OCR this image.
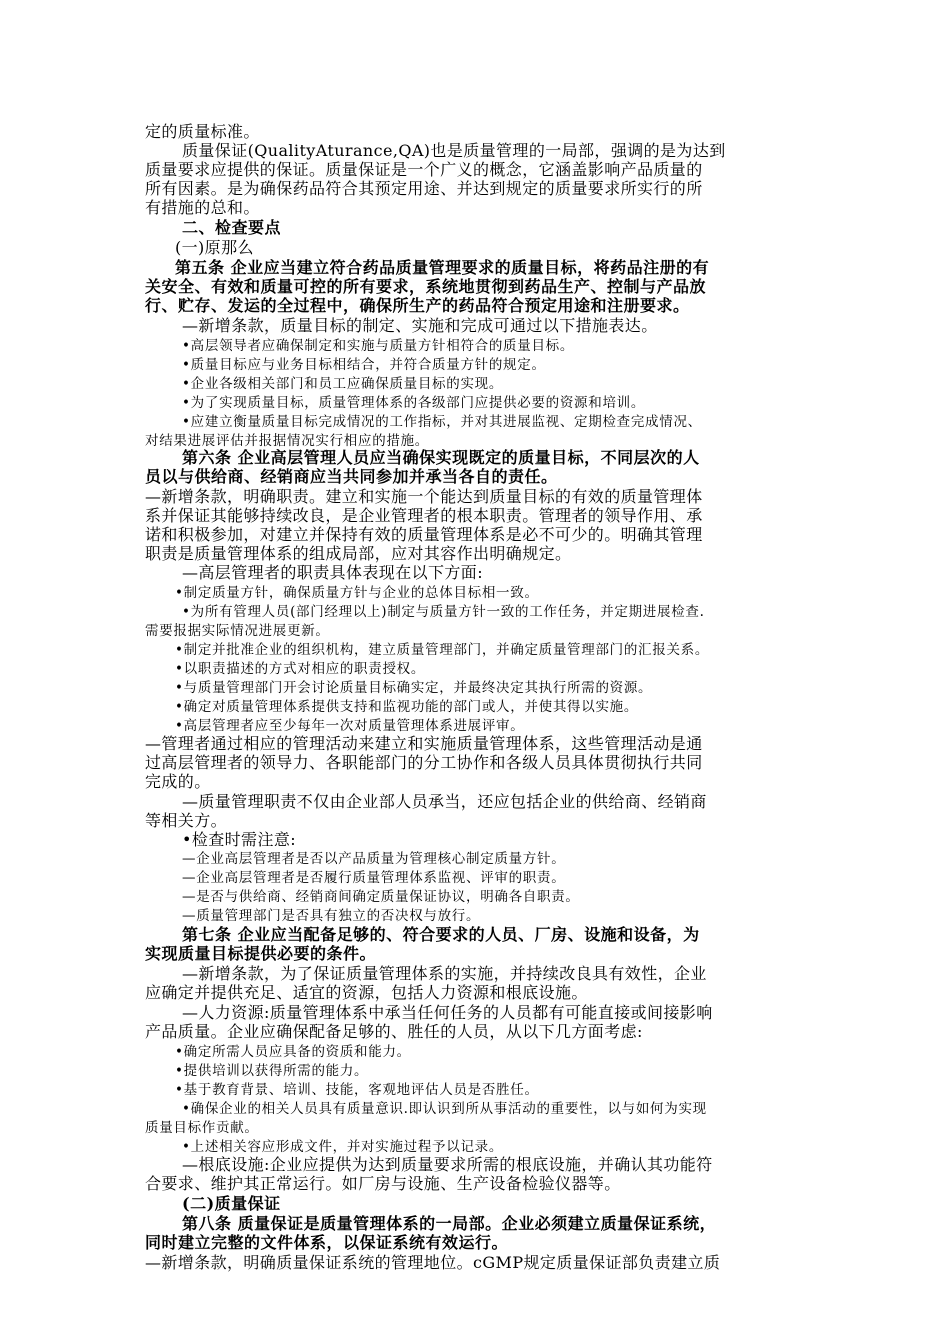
定的质量标准。
质量保证(QualityAturance,QA)也是质量管理的一局部，强调的是为达到
质量要求应提供的保证。质量保证是一个广义的概念，它涵盖影响产品质量的
所有因素。是为确保药品符合其预定用途、并达到规定的质量要求所实行的所
有措施的总和。
二、检查要点
(一)原那么
第五条 企业应当建立符合药品质量管理要求的质量目标，将药品注册的有
关安全、有效和质量可控的所有要求，系统地贯彻到药品生产、控制与产品放
行、贮存、发运的全过程中，确保所生产的药品符合预定用途和注册要求。
—新增条款，质量目标的制定、实施和完成可通过以下措施表达。
•高层领导者应确保制定和实施与质量方针相符合的质量目标。
•质量目标应与业务目标相结合，并符合质量方针的规定。
•企业各级相关部门和员工应确保质量目标的实现。
•为了实现质量目标，质量管理体系的各级部门应提供必要的资源和培训。
•应建立衡量质量目标完成情况的工作指标，并对其进展监视、定期检查完成情况、
对结果进展评估并报据情况实行相应的措施。
第六条 企业高层管理人员应当确保实现既定的质量目标，不同层次的人
员以与供给商、经销商应当共同参加并承当各自的责任。
—新增条款，明确职责。建立和实施一个能达到质量目标的有效的质量管理体
系并保证其能够持续改良，是企业管理者的根本职责。管理者的领导作用、承
诺和积极参加，对建立并保持有效的质量管理体系是必不可少的。明确其管理
职责是质量管理体系的组成局部，应对其容作出明确规定。
—高层管理者的职责具体表现在以下方面:
•制定质量方针，确保质量方针与企业的总体目标相一致。
•为所有管理人员(部门经理以上)制定与质量方针一致的工作任务，并定期进展检查.
需要报据实际情况进展更新。
•制定并批准企业的组织机构，建立质量管理部门，并确定质量管理部门的汇报关系。
•以职责描述的方式对相应的职责授权。
•与质量管理部门开会讨论质量目标确实定，并最终决定其执行所需的资源。
•确定对质量管理体系提供支持和监视功能的部门或人，并使其得以实施。
•高层管理者应至少每年一次对质量管理体系进展评审。
—管理者通过相应的管理活动来建立和实施质量管理体系，这些管理活动是通
过高层管理者的领导力、各职能部门的分工协作和各级人员具体贯彻执行共同
完成的。
—质量管理职责不仅由企业部人员承当，还应包括企业的供给商、经销商
等相关方。
•检查时需注意:
—企业高层管理者是否以产品质量为管理核心制定质量方针。
—企业高层管理者是否履行质量管理体系监视、评审的职责。
—是否与供给商、经销商间确定质量保证协议，明确各自职责。
—质量管理部门是否具有独立的否决权与放行。
第七条 企业应当配备足够的、符合要求的人员、厂房、设施和设备，为
实现质量目标提供必要的条件。
—新增条款，为了保证质量管理体系的实施，并持续改良具有效性，企业
应确定并提供充足、适宜的资源，包括人力资源和根底设施。
—人力资源:质量管理体系中承当任何任务的人员都有可能直接或间接影响
产品质量。企业应确保配备足够的、胜任的人员，从以下几方面考虑:
•确定所需人员应具备的资质和能力。
•提供培训以获得所需的能力。
•基于教育背景、培训、技能，客观地评估人员是否胜任。
•确保企业的相关人员具有质量意识.即认识到所从事活动的重要性，以与如何为实现
质量目标作贡献。
•上述相关容应形成文件，并对实施过程予以记录。
—根底设施:企业应提供为达到质量要求所需的根底设施，并确认其功能符
合要求、维护其正常运行。如厂房与设施、生产设备检验仪器等。
(二)质量保证
第八条 质量保证是质量管理体系的一局部。企业必须建立质量保证系统，
同时建立完整的文件体系，以保证系统有效运行。
—新增条款，明确质量保证系统的管理地位。cGMP规定质量保证部负责建立质
